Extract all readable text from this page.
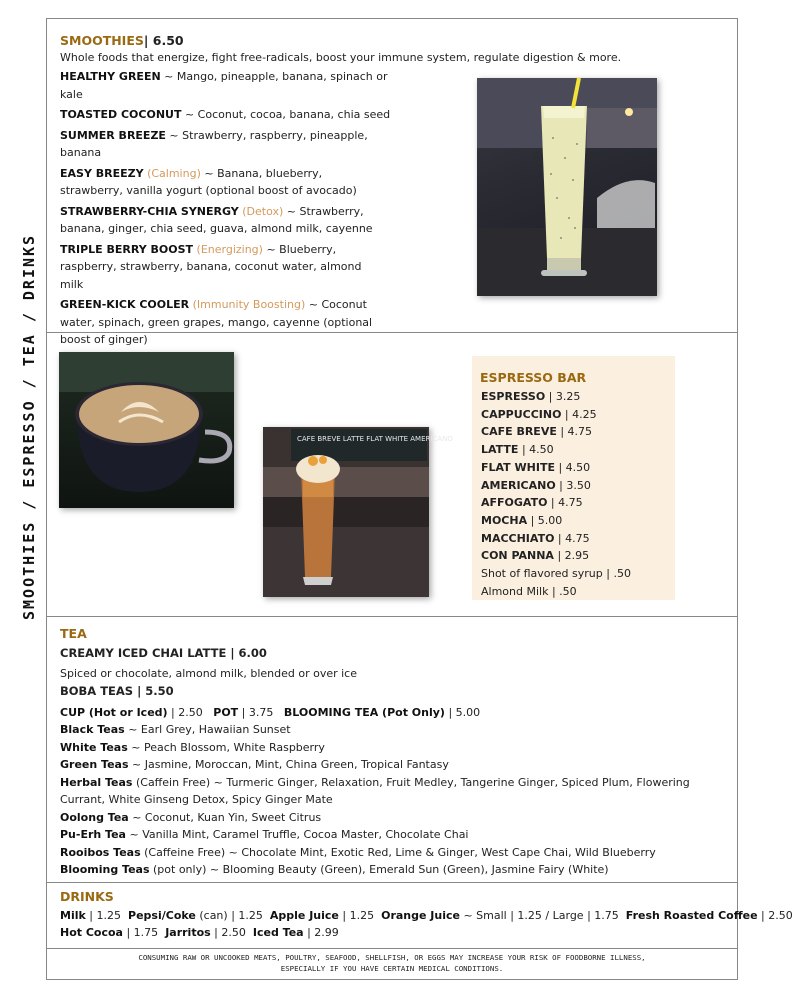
SMOOTHIES / ESPRESSO / TEA / DRINKS
SMOOTHIES| 6.50

Whole foods that energize, fight free-radicals, boost your immune system, regulate digestion & more.

HEALTHY GREEN ~ Mango, pineapple, banana, spinach or kale

TOASTED COCONUT ~ Coconut, cocoa, banana, chia seed

SUMMER BREEZE ~ Strawberry, raspberry, pineapple, banana

EASY BREEZY (Calming) ~ Banana, blueberry, strawberry, vanilla yogurt (optional boost of avocado)

STRAWBERRY-CHIA SYNERGY (Detox) ~ Strawberry, banana, ginger, chia seed, guava, almond milk, cayenne

TRIPLE BERRY BOOST (Energizing) ~ Blueberry, raspberry, strawberry, banana, coconut water, almond milk

GREEN-KICK COOLER (Immunity Boosting) ~ Coconut water, spinach, green grapes, mango, cayenne (optional boost of ginger)

CAFE BREVE LATTE FLAT WHITE AMERICANO
ESPRESSO BAR
ESPRESSO | 3.25
CAPPUCCINO | 4.25
CAFE BREVE | 4.75
LATTE | 4.50
FLAT WHITE | 4.50
AMERICANO | 3.50
AFFOGATO | 4.75
MOCHA | 5.00
MACCHIATO | 4.75
CON PANNA | 2.95
Shot of flavored syrup | .50
Almond Milk | .50
TEA
CREAMY ICED CHAI LATTE | 6.00
Spiced or chocolate, almond milk, blended or over ice
BOBA TEAS | 5.50
CUP (Hot or Iced) | 2.50 POT | 3.75 BLOOMING TEA (Pot Only) | 5.00

Black Teas ~ Earl Grey, Hawaiian Sunset

White Teas ~ Peach Blossom, White Raspberry

Green Teas ~ Jasmine, Moroccan, Mint, China Green, Tropical Fantasy

Herbal Teas (Caffein Free) ~ Turmeric Ginger, Relaxation, Fruit Medley, Tangerine Ginger, Spiced Plum, Flowering Currant, White Ginseng Detox, Spicy Ginger Mate

Oolong Tea ~ Coconut, Kuan Yin, Sweet Citrus

Pu-Erh Tea ~ Vanilla Mint, Caramel Truffle, Cocoa Master, Chocolate Chai

Rooibos Teas (Caffeine Free) ~ Chocolate Mint, Exotic Red, Lime & Ginger, West Cape Chai, Wild Blueberry

Blooming Teas (pot only) ~ Blooming Beauty (Green), Emerald Sun (Green), Jasmine Fairy (White)

DRINKS
Milk | 1.25 Pepsi/Coke (can) | 1.25 Apple Juice | 1.25 Orange Juice ~ Small | 1.25 / Large | 1.75 Fresh Roasted Coffee | 2.50
Hot Cocoa | 1.75 Jarritos | 2.50 Iced Tea | 2.99
CONSUMING RAW OR UNCOOKED MEATS, POULTRY, SEAFOOD, SHELLFISH, OR EGGS MAY INCREASE YOUR RISK OF FOODBORNE ILLNESS,
ESPECIALLY IF YOU HAVE CERTAIN MEDICAL CONDITIONS.
